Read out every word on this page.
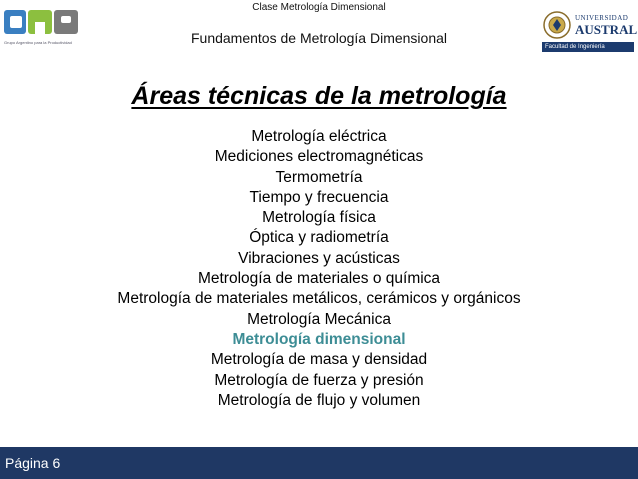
Clase Metrología Dimensional
Fundamentos de Metrología Dimensional
Grupo Argentino para la Productividad
UNIVERSIDAD
AUSTRAL
Facultad de Ingeniería
Áreas técnicas de la metrología
Metrología eléctrica
Mediciones electromagnéticas
Termometría
Tiempo y frecuencia
Metrología física
Óptica y radiometría
Vibraciones y acústicas
Metrología de materiales o química
Metrología de materiales metálicos, cerámicos y orgánicos
Metrología Mecánica
Metrología dimensional
Metrología de masa y densidad
Metrología de fuerza y presión
Metrología de flujo y volumen
Página 6
